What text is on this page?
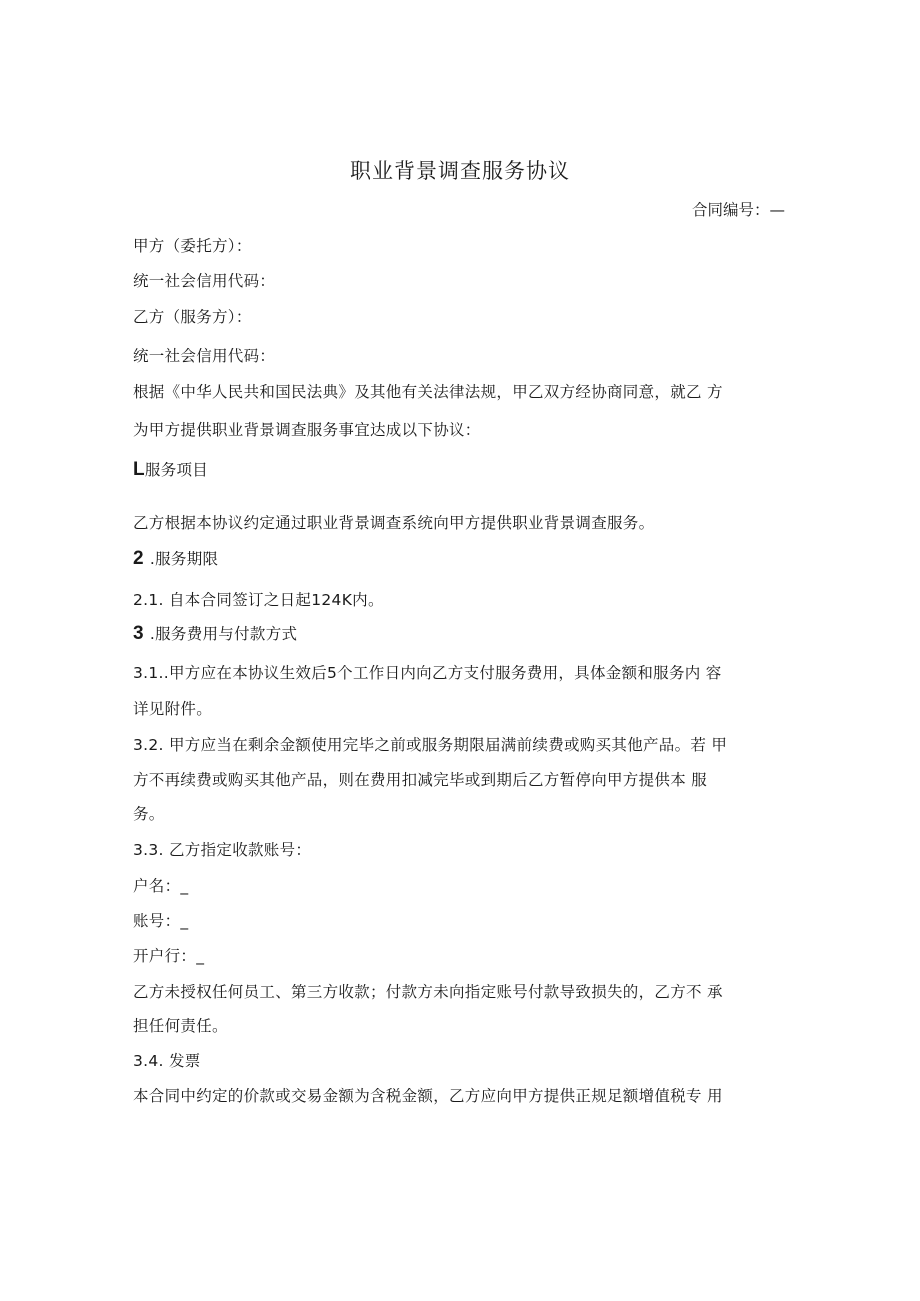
职业背景调查服务协议
合同编号：—
甲方（委托方）：
统一社会信用代码：
乙方（服务方）：
统一社会信用代码：
根据《中华人民共和国民法典》及其他有关法律法规，甲乙双方经协商同意，就乙 方
为甲方提供职业背景调查服务事宜达成以下协议：
L服务项目
乙方根据本协议约定通过职业背景调查系统向甲方提供职业背景调查服务。
2 .服务期限
2.1. 自本合同签订之日起124K内。
3 .服务费用与付款方式
3.1..甲方应在本协议生效后5个工作日内向乙方支付服务费用，具体金额和服务内 容
详见附件。
3.2. 甲方应当在剩余金额使用完毕之前或服务期限届满前续费或购买其他产品。若 甲
方不再续费或购买其他产品，则在费用扣减完毕或到期后乙方暂停向甲方提供本 服
务。
3.3. 乙方指定收款账号：
户名：_
账号：_
开户行：_
乙方未授权任何员工、第三方收款；付款方未向指定账号付款导致损失的，乙方不 承
担任何责任。
3.4. 发票
本合同中约定的价款或交易金额为含税金额，乙方应向甲方提供正规足额增值税专 用
